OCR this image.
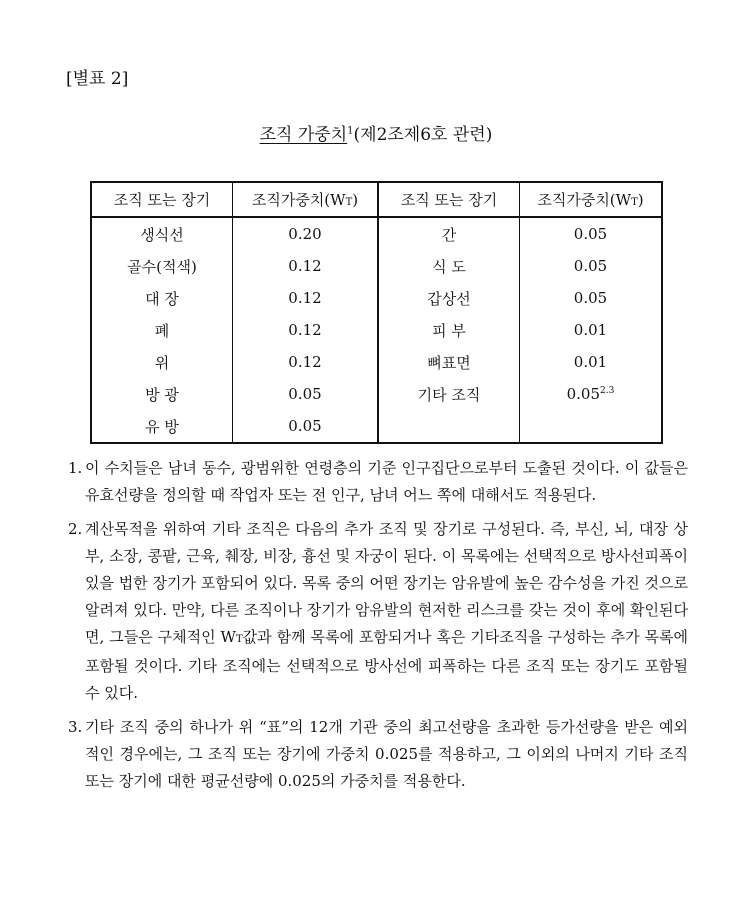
[별표 2]
조직 가중치$^1$(제2조제6호 관련)
조직 또는 장기	조직가중치(WT)	조직 또는 장기	조직가중치(WT)
생식선	0.20	간	0.05
골수(적색)	0.12	식 도	0.05
대 장	0.12	갑상선	0.05
폐	0.12	피 부	0.01
위	0.12	뼈표면	0.01
방 광	0.05	기타 조직	$0.05^{2.3}$
유 방	0.05		
1. 이 수치들은 남녀 동수, 광범위한 연령층의 기준 인구집단으로부터 도출된 것이다. 이 값들은 유효선량을 정의할 때 작업자 또는 전 인구, 남녀 어느 쪽에 대해서도 적용된다.
2. 계산목적을 위하여 기타 조직은 다음의 추가 조직 및 장기로 구성된다. 즉, 부신, 뇌, 대장 상부, 소장, 콩팥, 근육, 췌장, 비장, 흉선 및 자궁이 된다. 이 목록에는 선택적으로 방사선피폭이 있을 법한 장기가 포함되어 있다. 목록 중의 어떤 장기는 암유발에 높은 감수성을 가진 것으로 알려져 있다. 만약, 다른 조직이나 장기가 암유발의 현저한 리스크를 갖는 것이 후에 확인된다면, 그들은 구체적인 WT값과 함께 목록에 포함되거나 혹은 기타조직을 구성하는 추가 목록에 포함될 것이다. 기타 조직에는 선택적으로 방사선에 피폭하는 다른 조직 또는 장기도 포함될 수 있다.
3. 기타 조직 중의 하나가 위 “표”의 12개 기관 중의 최고선량을 초과한 등가선량을 받은 예외적인 경우에는, 그 조직 또는 장기에 가중치 0.025를 적용하고, 그 이외의 나머지 기타 조직 또는 장기에 대한 평균선량에 0.025의 가중치를 적용한다.
